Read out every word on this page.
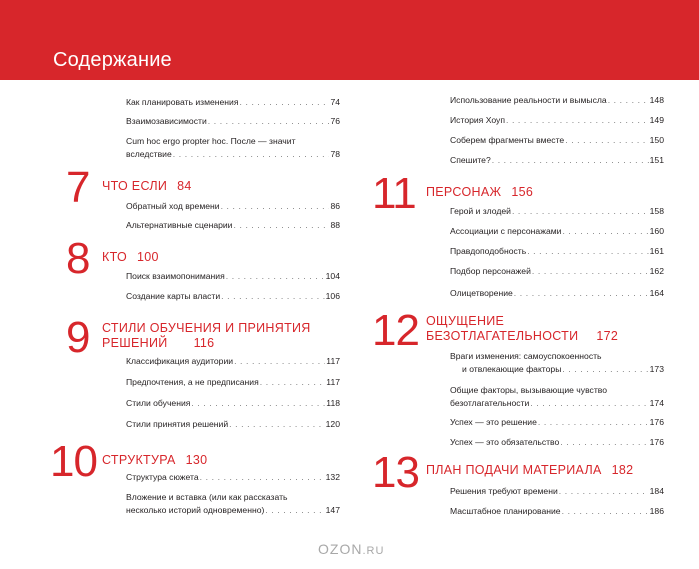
Содержание
Как планировать изменения . . .	74
Взаимозависимости . . .	76
Cum hoc ergo propter hoc. После — значит
вследствие . . .	78
7 ЧТО ЕСЛИ 84
Обратный ход времени . . .	86
Альтернативные сценарии . . .	88
8 КТО 100
Поиск взаимопонимания . . .	104
Создание карты власти . . .	106
9 СТИЛИ ОБУЧЕНИЯ И ПРИНЯТИЯ
РЕШЕНИЙ 116
Классификация аудитории . . .	117
Предпочтения, а не предписания . . .	117
Стили обучения . . .	118
Стили принятия решений . . .	120
10 СТРУКТУРА 130
Структура сюжета . . .	132
Вложение и вставка (или как рассказать
несколько историй одновременно) . . .	147
Использование реальности и вымысла . . .	148
История Хоуп . . .	149
Соберем фрагменты вместе . . .	150
Спешите? . . .	151
11 ПЕРСОНАЖ 156
Герой и злодей . . .	158
Ассоциации с персонажами . . .	160
Правдоподобность . . .	161
Подбор персонажей . . .	162
Олицетворение . . .	164
12 ОЩУЩЕНИЕ
БЕЗОТЛАГАТЕЛЬНОСТИ 172
Враги изменения: самоуспокоенность
и отвлекающие факторы . . .	173
Общие факторы, вызывающие чувство
безотлагательности . . .	174
Успех — это решение . . .	176
Успех — это обязательство . . .	176
13 ПЛАН ПОДАЧИ МАТЕРИАЛА 182
Решения требуют времени . . .	184
Масштабное планирование . . .	186
OZON.RU
